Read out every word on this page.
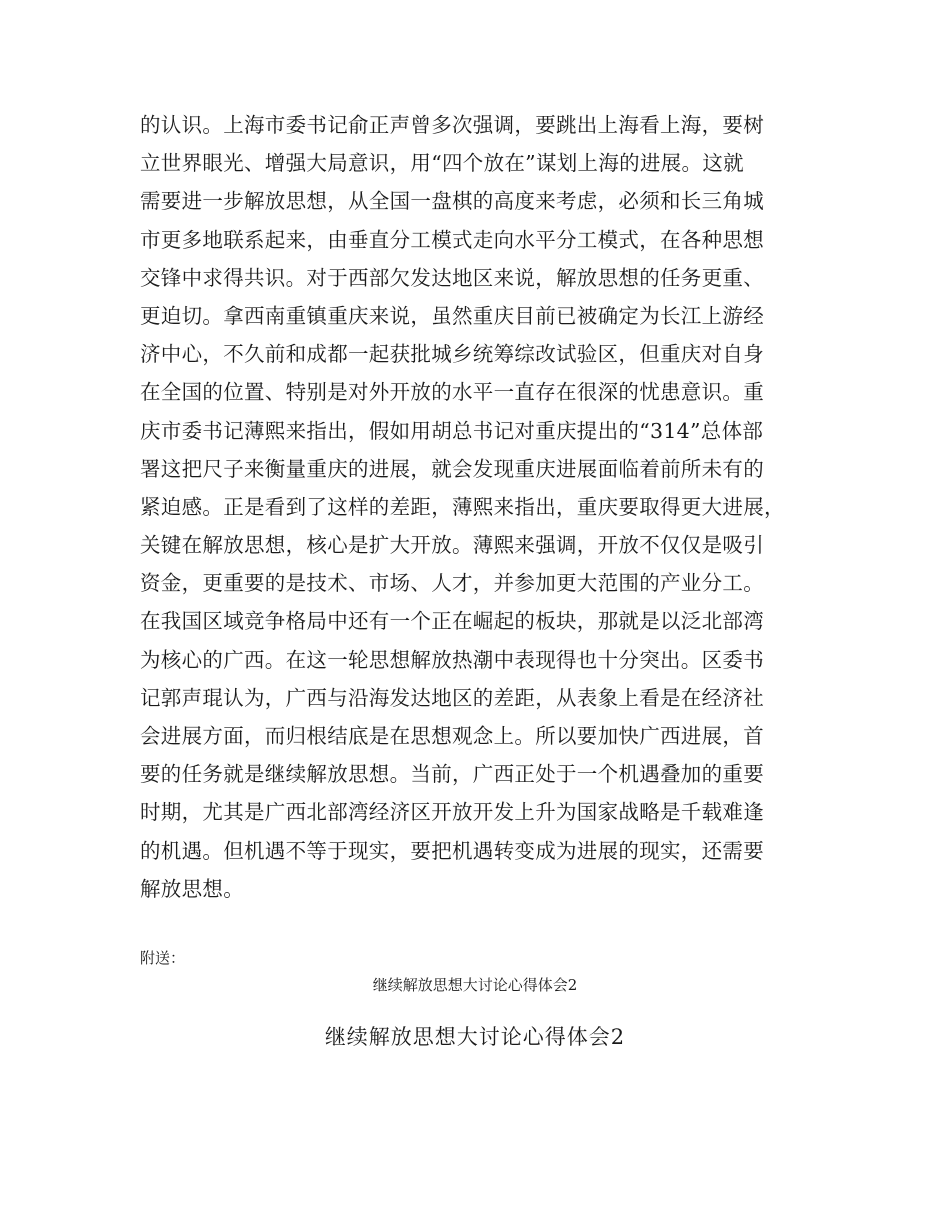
的认识。上海市委书记俞正声曾多次强调，要跳出上海看上海，要树
立世界眼光、增强大局意识，用“四个放在”谋划上海的进展。这就
需要进一步解放思想，从全国一盘棋的高度来考虑，必须和长三角城
市更多地联系起来，由垂直分工模式走向水平分工模式，在各种思想
交锋中求得共识。对于西部欠发达地区来说，解放思想的任务更重、
更迫切。拿西南重镇重庆来说，虽然重庆目前已被确定为长江上游经
济中心，不久前和成都一起获批城乡统筹综改试验区，但重庆对自身
在全国的位置、特别是对外开放的水平一直存在很深的忧患意识。重
庆市委书记薄熙来指出，假如用胡总书记对重庆提出的“314”总体部
署这把尺子来衡量重庆的进展，就会发现重庆进展面临着前所未有的
紧迫感。正是看到了这样的差距，薄熙来指出，重庆要取得更大进展，
关键在解放思想，核心是扩大开放。薄熙来强调，开放不仅仅是吸引
资金，更重要的是技术、市场、人才，并参加更大范围的产业分工。
在我国区域竞争格局中还有一个正在崛起的板块，那就是以泛北部湾
为核心的广西。在这一轮思想解放热潮中表现得也十分突出。区委书
记郭声琨认为，广西与沿海发达地区的差距，从表象上看是在经济社
会进展方面，而归根结底是在思想观念上。所以要加快广西进展，首
要的任务就是继续解放思想。当前，广西正处于一个机遇叠加的重要
时期，尤其是广西北部湾经济区开放开发上升为国家战略是千载难逢
的机遇。但机遇不等于现实，要把机遇转变成为进展的现实，还需要
解放思想。
附送：
继续解放思想大讨论心得体会2
继续解放思想大讨论心得体会2
